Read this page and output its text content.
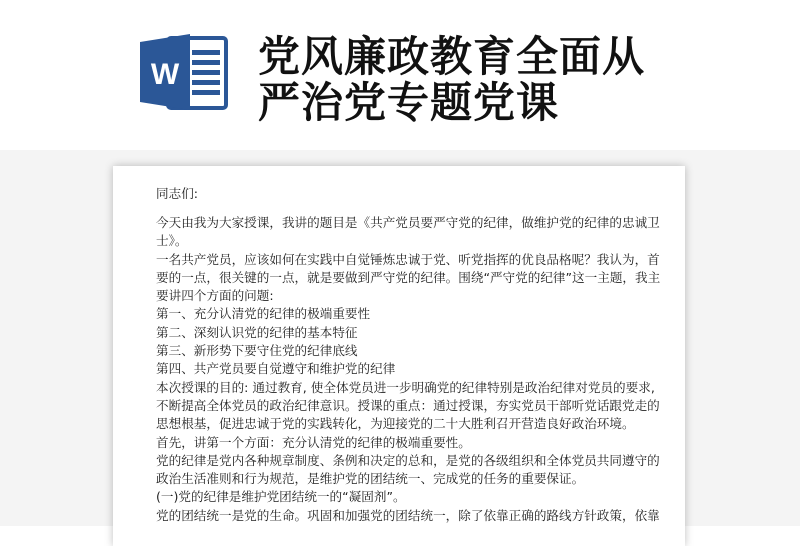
W 党风廉政教育全面从
严治党专题党课
同志们:
今天由我为大家授课，我讲的题目是《共产党员要严守党的纪律，做维护党的纪律的忠诚卫
士》。
一名共产党员，应该如何在实践中自觉锤炼忠诚于党、听党指挥的优良品格呢？我认为，首
要的一点，很关键的一点，就是要做到严守党的纪律。围绕“严守党的纪律”这一主题，我主
要讲四个方面的问题:
第一、充分认清党的纪律的极端重要性
第二、深刻认识党的纪律的基本特征
第三、新形势下要守住党的纪律底线
第四、共产党员要自觉遵守和维护党的纪律
本次授课的目的: 通过教育, 使全体党员进一步明确党的纪律特别是政治纪律对党员的要求,
不断提高全体党员的政治纪律意识。授课的重点：通过授课，夯实党员干部听党话跟党走的
思想根基，促进忠诚于党的实践转化，为迎接党的二十大胜利召开营造良好政治环境。
首先，讲第一个方面：充分认清党的纪律的极端重要性。
党的纪律是党内各种规章制度、条例和决定的总和，是党的各级组织和全体党员共同遵守的
政治生活准则和行为规范，是维护党的团结统一、完成党的任务的重要保证。
(一)党的纪律是维护党团结统一的“凝固剂”。
党的团结统一是党的生命。巩固和加强党的团结统一，除了依靠正确的路线方针政策，依靠
